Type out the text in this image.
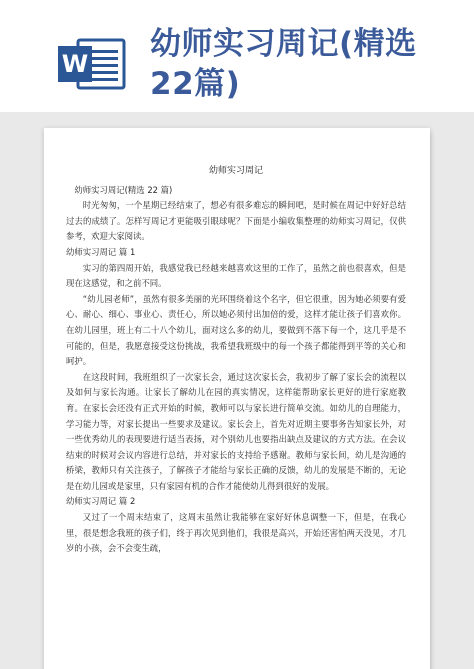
W
幼师实习周记(精选22篇)
幼师实习周记

幼师实习周记(精选 22 篇)

时光匆匆，一个星期已经结束了，想必有很多难忘的瞬间吧，是时候在周记中好好总结过去的成绩了。怎样写周记才更能吸引眼球呢？下面是小编收集整理的幼师实习周记，仅供参考，欢迎大家阅读。

幼师实习周记 篇 1

实习的第四周开始，我感觉我已经越来越喜欢这里的工作了，虽然之前也很喜欢，但是现在这感觉，和之前不同。

“幼儿园老师”，虽然有很多美丽的光环围绕着这个名字，但它很重，因为她必须要有爱心、耐心、细心、事业心、责任心，所以她必须付出加倍的爱，这样才能让孩子们喜欢你。在幼儿园里，班上有二十八个幼儿，面对这么多的幼儿，要做到不落下每一个，这几乎是不可能的，但是，我愿意接受这份挑战，我希望我班级中的每一个孩子都能得到平等的关心和呵护。

在这段时间，我班组织了一次家长会，通过这次家长会，我初步了解了家长会的流程以及如何与家长沟通。让家长了解幼儿在园的真实情况，这样能帮助家长更好的进行家庭教育。在家长会还没有正式开始的时候，教师可以与家长进行简单交流。如幼儿的自理能力，学习能力等，对家长提出一些要求及建议。家长会上，首先对近期主要事务告知家长外，对一些优秀幼儿的表现要进行适当表扬，对个别幼儿也要指出缺点及建议的方式方法。在会议结束的时候对会议内容进行总结，并对家长的支持给予感谢。教师与家长间，幼儿是沟通的桥梁，教师只有关注孩子，了解孩子才能给与家长正确的反馈，幼儿的发展是不断的，无论是在幼儿园或是家里，只有家园有机的合作才能使幼儿得到很好的发展。

幼师实习周记 篇 2

又过了一个周末结束了，这周末虽然让我能够在家好好休息调整一下，但是，在我心里，很是想念我班的孩子们，终于再次见到他们，我很是高兴，开始还害怕两天没见，才几岁的小孩，会不会变生疏，
